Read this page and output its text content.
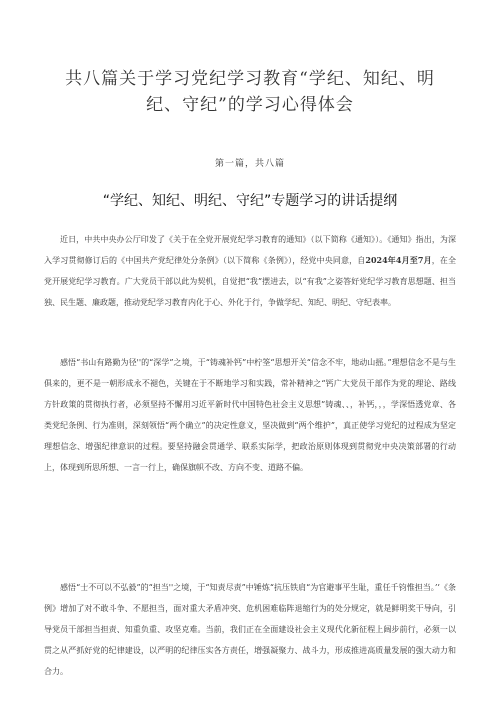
共八篇关于学习党纪学习教育“学纪、知纪、明
纪、守纪”的学习心得体会
第一篇，共八篇
“学纪、知纪、明纪、守纪”专题学习的讲话提纲

近日，中共中央办公厅印发了《关于在全党开展党纪学习教育的通知》（以下简称《通知》）。《通知》指出，为深入学习贯彻修订后的《中国共产党纪律处分条例》（以下简称《条例》），经党中央同意，自2024年4月至7月，在全党开展党纪学习教育。广大党员干部以此为契机，自觉把“我”摆进去，以“有我”之姿答好党纪学习教育思想题、担当独、民生题、廉政题，推动党纪学习教育内化于心、外化于行，争做学纪、知纪、明纪、守纪表率。

感悟“书山有路勤为径''的“深学”之境，于“铸魂补钙”中柠筌“思想开关“信念不牢，地动山摇。”理想信念不是与生俱来的，更不是一朝形成永不褪色，关键在于不断地学习和实践，常补精神之“钙广大党员干部作为党的理论、路线方针政策的贯彻执行者，必须坚持不懈用习近平新时代中国特色社会主义思想”铸魂、、，补钙，，，学深悟透党章、各类党纪条例、行为准则，深刻领悟“两个确立”的决定性意义，坚决做到“两个维护”，真正使学习党纪的过程成为坚定理想信念、增强纪律意识的过程。要坚持融会贯通学、联系实际学，把政治原则体现到贯彻党中央决策部署的行动上，体现到所思所想、一言一行上，确保旗帜不改、方向不变、道路不偏。

感悟“士不可以不弘毅”的“担当''之境，于“知责尽责”中锤炼“抗压铁肩“为官避事平生耻，重任千钧惟担当。’’《条例》增加了对不敢斗争、不愿担当，面对重大矛盾冲突、危机困难临阵退缩行为的处分规定，就是鲜明奖干导向，引导党员干部担当担责、知重负重、攻坚克难。当前，我们正在全面建设社会主义现代化新征程上阔步前行，必须一以贯之从严抓好党的纪律建设，以严明的纪律压实各方责任，增强凝聚力、战斗力，形成推进高质量发展的强大动力和合力。
